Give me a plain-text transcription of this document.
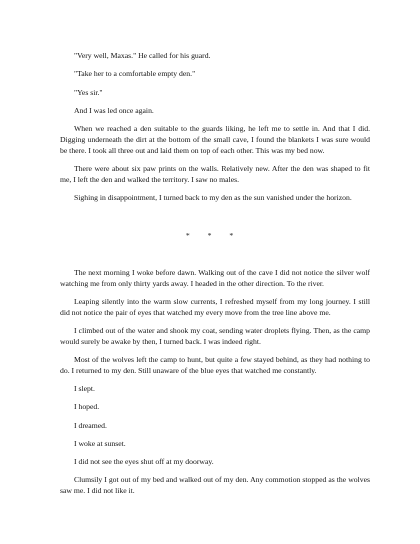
"Very well, Maxas." He called for his guard.

"Take her to a comfortable empty den."

"Yes sir."

And I was led once again.

When we reached a den suitable to the guards liking, he left me to settle in. And that I did. Digging underneath the dirt at the bottom of the small cave, I found the blankets I was sure would be there. I took all three out and laid them on top of each other. This was my bed now.

There were about six paw prints on the walls. Relatively new. After the den was shaped to fit me, I left the den and walked the territory. I saw no males.

Sighing in disappointment, I turned back to my den as the sun vanished under the horizon.

* * *

The next morning I woke before dawn. Walking out of the cave I did not notice the silver wolf watching me from only thirty yards away. I headed in the other direction. To the river.

Leaping silently into the warm slow currents, I refreshed myself from my long journey. I still did not notice the pair of eyes that watched my every move from the tree line above me.

I climbed out of the water and shook my coat, sending water droplets flying. Then, as the camp would surely be awake by then, I turned back. I was indeed right.

Most of the wolves left the camp to hunt, but quite a few stayed behind, as they had nothing to do. I returned to my den. Still unaware of the blue eyes that watched me constantly.

I slept.

I hoped.

I dreamed.

I woke at sunset.

I did not see the eyes shut off at my doorway.

Clumsily I got out of my bed and walked out of my den. Any commotion stopped as the wolves saw me. I did not like it.
